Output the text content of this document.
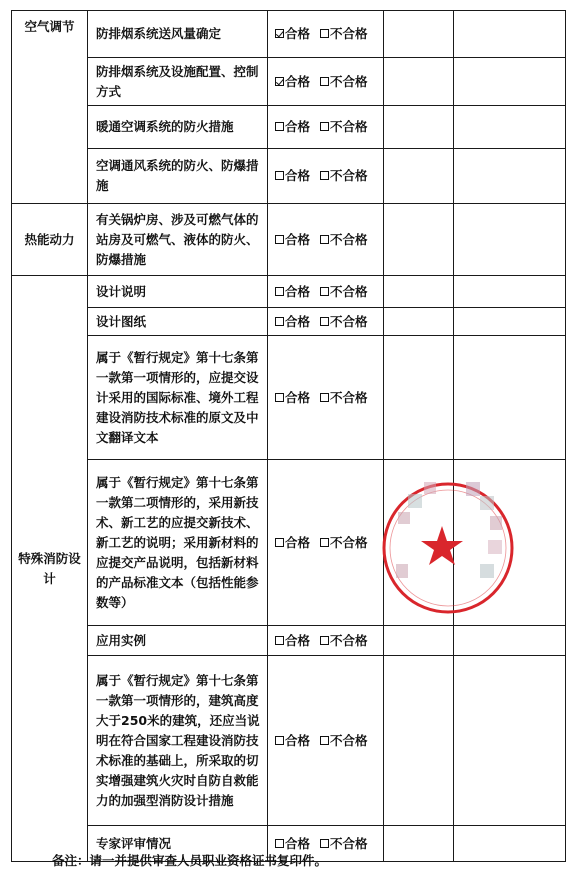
空气调节	防排烟系统送风量确定	合格 不合格		
	防排烟系统及设施配置、控制方式	合格 不合格		
	暖通空调系统的防火措施	合格 不合格		
	空调通风系统的防火、防爆措施	合格 不合格		
热能动力	有关锅炉房、涉及可燃气体的站房及可燃气、液体的防火、防爆措施	合格 不合格		
特殊消防设计	设计说明	合格 不合格		
	设计图纸	合格 不合格		
	属于《暂行规定》第十七条第一款第一项情形的，应提交设计采用的国际标准、境外工程建设消防技术标准的原文及中文翻译文本	合格 不合格		
	属于《暂行规定》第十七条第一款第二项情形的，采用新技术、新工艺的应提交新技术、新工艺的说明；采用新材料的应提交产品说明，包括新材料的产品标准文本（包括性能参数等）	合格 不合格		
	应用实例	合格 不合格		
	属于《暂行规定》第十七条第一款第一项情形的，建筑高度大于250米的建筑，还应当说明在符合国家工程建设消防技术标准的基础上，所采取的切实增强建筑火灾时自防自救能力的加强型消防设计措施	合格 不合格		
	专家评审情况	合格 不合格		
备注：请一并提供审查人员职业资格证书复印件。
